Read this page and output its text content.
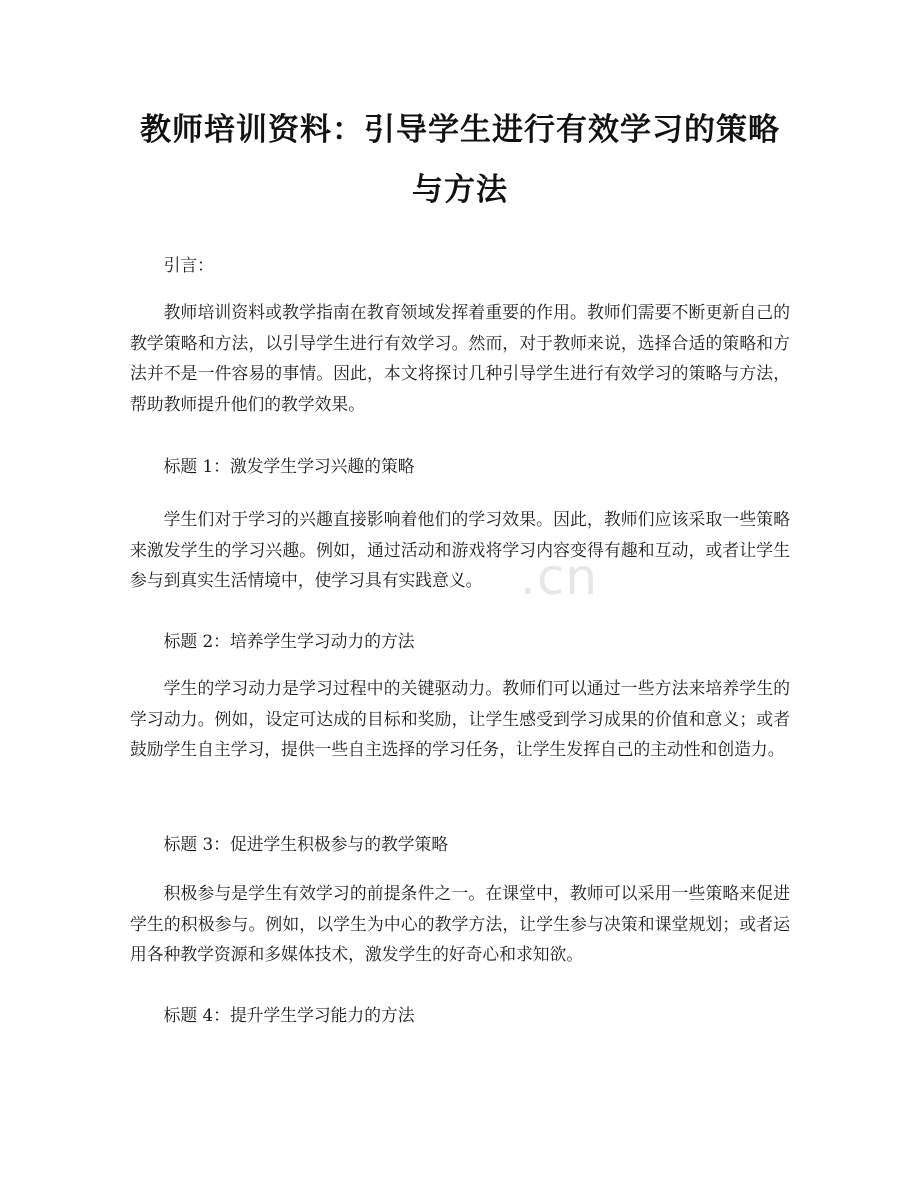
教师培训资料：引导学生进行有效学习的策略与方法

引言：

教师培训资料或教学指南在教育领域发挥着重要的作用。教师们需要不断更新自己的教学策略和方法，以引导学生进行有效学习。然而，对于教师来说，选择合适的策略和方法并不是一件容易的事情。因此，本文将探讨几种引导学生进行有效学习的策略与方法，帮助教师提升他们的教学效果。

标题 1：激发学生学习兴趣的策略

学生们对于学习的兴趣直接影响着他们的学习效果。因此，教师们应该采取一些策略来激发学生的学习兴趣。例如，通过活动和游戏将学习内容变得有趣和互动，或者让学生参与到真实生活情境中，使学习具有实践意义。

标题 2：培养学生学习动力的方法

学生的学习动力是学习过程中的关键驱动力。教师们可以通过一些方法来培养学生的学习动力。例如，设定可达成的目标和奖励，让学生感受到学习成果的价值和意义；或者鼓励学生自主学习，提供一些自主选择的学习任务，让学生发挥自己的主动性和创造力。

标题 3：促进学生积极参与的教学策略

积极参与是学生有效学习的前提条件之一。在课堂中，教师可以采用一些策略来促进学生的积极参与。例如，以学生为中心的教学方法，让学生参与决策和课堂规划；或者运用各种教学资源和多媒体技术，激发学生的好奇心和求知欲。

标题 4：提升学生学习能力的方法

.cn
